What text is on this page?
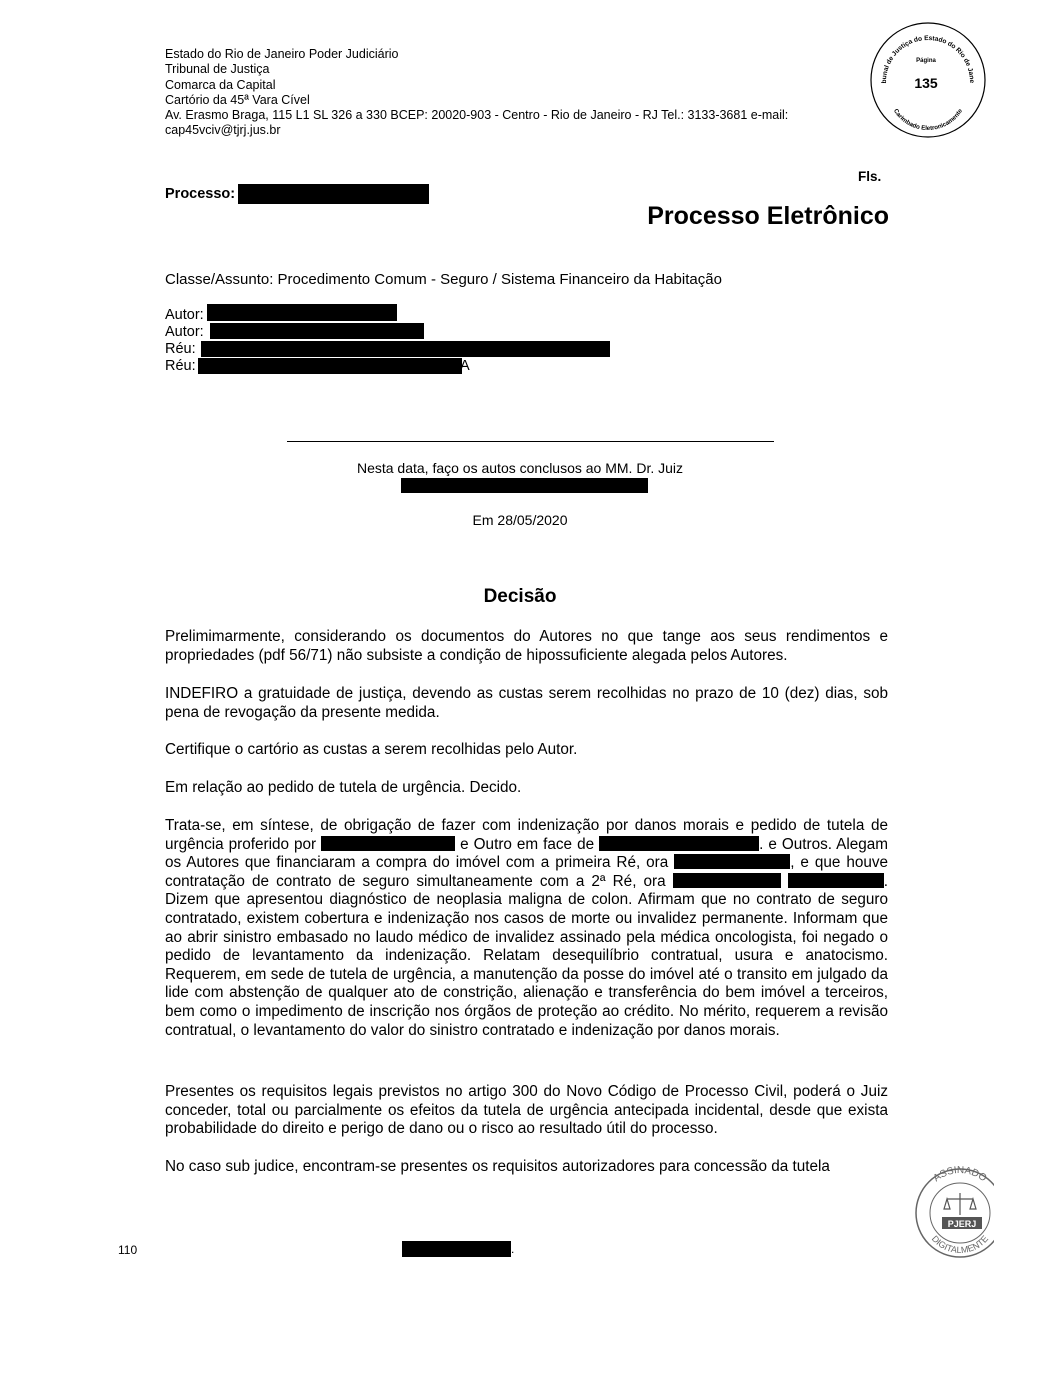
Estado do Rio de Janeiro Poder Judiciário
Tribunal de Justiça
Comarca da Capital
Cartório da 45ª Vara Cível
Av. Erasmo Braga, 115 L1 SL 326 a 330 BCEP: 20020-903 - Centro - Rio de Janeiro - RJ Tel.: 3133-3681 e-mail:
cap45vciv@tjrj.jus.br
bunal de Justiça do Estado do Rio de Jane
Carimbado Eletronicamente
Página
135
Fls.
Processo:
Processo Eletrônico
Classe/Assunto: Procedimento Comum - Seguro / Sistema Financeiro da Habitação
Autor:
Autor:
Réu:
Réu:	A
Nesta data, faço os autos conclusos ao MM. Dr. Juiz
Em 28/05/2020
Decisão

Prelimimarmente, considerando os documentos do Autores no que tange aos seus rendimentos e propriedades (pdf 56/71) não subsiste a condição de hipossuficiente alegada pelos Autores.

INDEFIRO a gratuidade de justiça, devendo as custas serem recolhidas no prazo de 10 (dez) dias, sob pena de revogação da presente medida.

Certifique o cartório as custas a serem recolhidas pelo Autor.

Em relação ao pedido de tutela de urgência. Decido.

Trata-se, em síntese, de obrigação de fazer com indenização por danos morais e pedido de tutela de urgência proferido por	e Outro em face de	. e Outros. Alegam os Autores que financiaram a compra do imóvel com a primeira Ré, ora	, e que houve contratação de contrato de seguro simultaneamente com a 2ª Ré, ora	. Dizem que apresentou diagnóstico de neoplasia maligna de colon. Afirmam que no contrato de seguro contratado, existem cobertura e indenização nos casos de morte ou invalidez permanente. Informam que ao abrir sinistro embasado no laudo médico de invalidez assinado pela médica oncologista, foi negado o pedido de levantamento da indenização. Relatam desequilíbrio contratual, usura e anatocismo. Requerem, em sede de tutela de urgência, a manutenção da posse do imóvel até o transito em julgado da lide com abstenção de qualquer ato de constrição, alienação e transferência do bem imóvel a terceiros, bem como o impedimento de inscrição nos órgãos de proteção ao crédito. No mérito, requerem a revisão contratual, o levantamento do valor do sinistro contratado e indenização por danos morais.

Presentes os requisitos legais previstos no artigo 300 do Novo Código de Processo Civil, poderá o Juiz conceder, total ou parcialmente os efeitos da tutela de urgência antecipada incidental, desde que exista probabilidade do direito e perigo de dano ou o risco ao resultado útil do processo.

No caso sub judice, encontram-se presentes os requisitos autorizadores para concessão da tutela

110	.
ASSINADO
DIGITALMENTE
PJERJ
